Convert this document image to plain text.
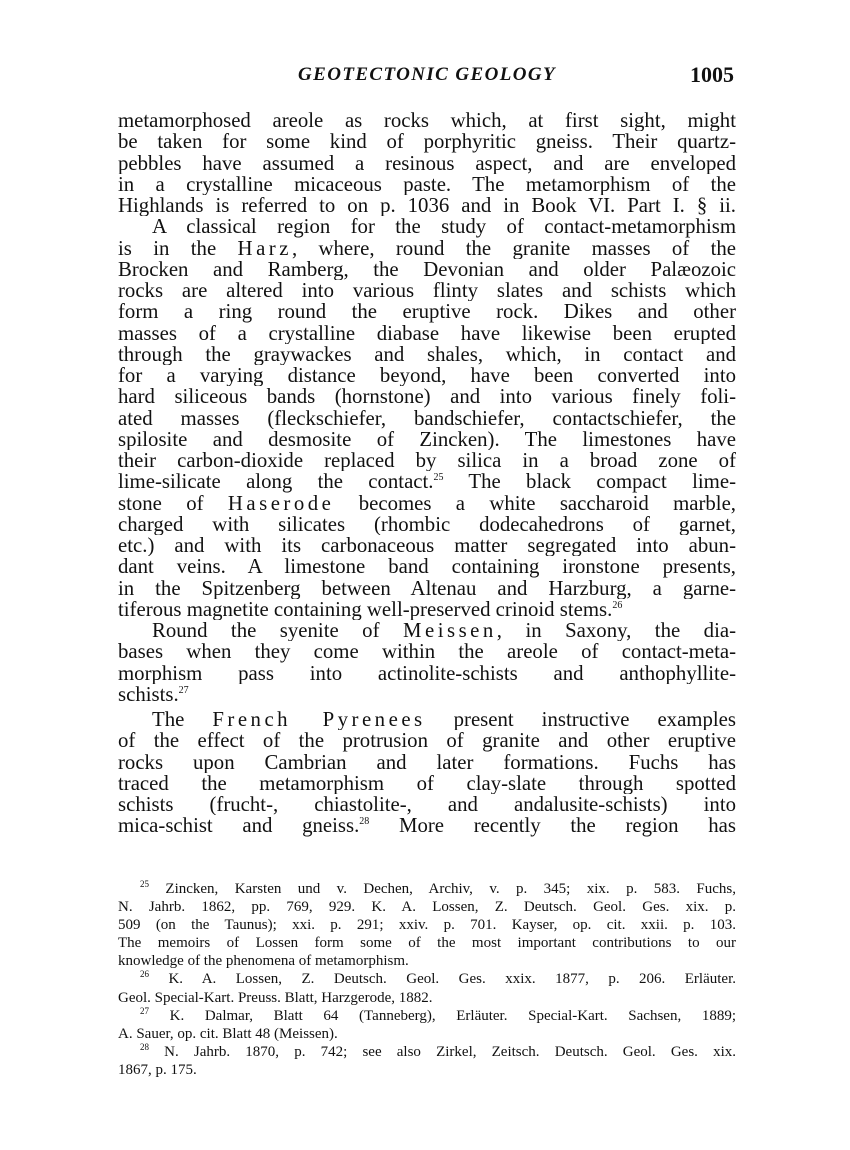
GEOTECTONIC GEOLOGY	1005
metamorphosed areole as rocks which, at first sight, might
be taken for some kind of porphyritic gneiss. Their quartz-
pebbles have assumed a resinous aspect, and are enveloped
in a crystalline micaceous paste. The metamorphism of the
Highlands is referred to on p. 1036 and in Book VI. Part I. § ii.
A classical region for the study of contact-metamorphism
is in the Harz, where, round the granite masses of the
Brocken and Ramberg, the Devonian and older Palæozoic
rocks are altered into various flinty slates and schists which
form a ring round the eruptive rock. Dikes and other
masses of a crystalline diabase have likewise been erupted
through the graywackes and shales, which, in contact and
for a varying distance beyond, have been converted into
hard siliceous bands (hornstone) and into various finely foli-
ated masses (fleckschiefer, bandschiefer, contactschiefer, the
spilosite and desmosite of Zincken). The limestones have
their carbon-dioxide replaced by silica in a broad zone of
lime-silicate along the contact.$^{25}$ The black compact lime-
stone of Haserode becomes a white saccharoid marble,
charged with silicates (rhombic dodecahedrons of garnet,
etc.) and with its carbonaceous matter segregated into abun-
dant veins. A limestone band containing ironstone presents,
in the Spitzenberg between Altenau and Harzburg, a garne-
tiferous magnetite containing well-preserved crinoid stems.$^{26}$
Round the syenite of Meissen, in Saxony, the dia-
bases when they come within the areole of contact-meta-
morphism pass into actinolite-schists and anthophyllite-
schists.$^{27}$
The French Pyrenees present instructive examples
of the effect of the protrusion of granite and other eruptive
rocks upon Cambrian and later formations. Fuchs has
traced the metamorphism of clay-slate through spotted
schists (frucht-, chiastolite-, and andalusite-schists) into
mica-schist and gneiss.$^{28}$ More recently the region has
$^{25}$ Zincken, Karsten und v. Dechen, Archiv, v. p. 345; xix. p. 583. Fuchs,
N. Jahrb. 1862, pp. 769, 929. K. A. Lossen, Z. Deutsch. Geol. Ges. xix. p.
509 (on the Taunus); xxi. p. 291; xxiv. p. 701. Kayser, op. cit. xxii. p. 103.
The memoirs of Lossen form some of the most important contributions to our
knowledge of the phenomena of metamorphism.
$^{26}$ K. A. Lossen, Z. Deutsch. Geol. Ges. xxix. 1877, p. 206. Erläuter.
Geol. Special-Kart. Preuss. Blatt, Harzgerode, 1882.
$^{27}$ K. Dalmar, Blatt 64 (Tanneberg), Erläuter. Special-Kart. Sachsen, 1889;
A. Sauer, op. cit. Blatt 48 (Meissen).
$^{28}$ N. Jahrb. 1870, p. 742; see also Zirkel, Zeitsch. Deutsch. Geol. Ges. xix.
1867, p. 175.
